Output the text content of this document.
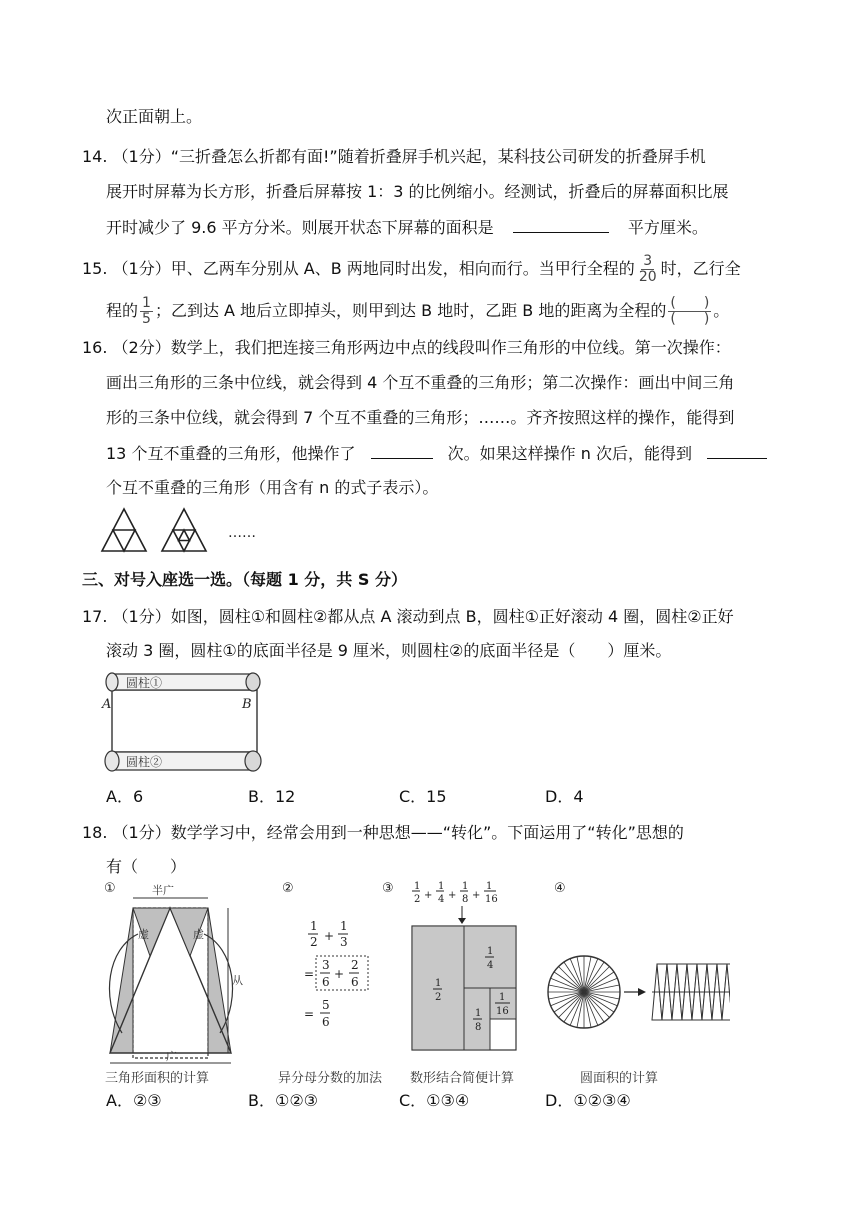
次正面朝上。
14. （1分）“三折叠怎么折都有面!”随着折叠屏手机兴起，某科技公司研发的折叠屏手机
展开时屏幕为长方形，折叠后屏幕按 1：3 的比例缩小。经测试，折叠后的屏幕面积比展
开时减少了 9.6 平方分米。则展开状态下屏幕的面积是	平方厘米。
15. （1分）甲、乙两车分别从 A、B 两地同时出发，相向而行。当甲行全程的 $\frac{3}{20}$ 时，乙行全
程的 $\frac{1}{5}$ ；乙到达 A 地后立即掉头，则甲到达 B 地时，乙距 B 地的距离为全程的 $\frac{( )}{( )}$ 。
16. （2分）数学上，我们把连接三角形两边中点的线段叫作三角形的中位线。第一次操作：
画出三角形的三条中位线，就会得到 4 个互不重叠的三角形；第二次操作：画出中间三角
形的三条中位线，就会得到 7 个互不重叠的三角形；……。齐齐按照这样的操作，能得到
13 个互不重叠的三角形，他操作了	次。如果这样操作 n 次后，能得到
个互不重叠的三角形（用含有 n 的式子表示）。
……
三、对号入座选一选。（每题 1 分，共 S 分）
17. （1分）如图，圆柱①和圆柱②都从点 A 滚动到点 B，圆柱①正好滚动 4 圈，圆柱②正好
滚动 3 圈，圆柱①的底面半径是 9 厘米，则圆柱②的底面半径是（　　）厘米。
圆柱①
圆柱②
A	B
A．6	B．12	C．15	D．4
18. （1分）数学学习中，经常会用到一种思想——“转化”。下面运用了“转化”思想的
有（　　）
①
虚	虚
半广
从
广
三角形面积的计算
②
1
2 +
1
3
=
3
6
+
2
6
=
5
6
异分母分数的加法
③ 1
2 +
1
4 +
1
8 +
1
16
1
2
1
4
1
8
1
16
数形结合简便计算
④
圆面积的计算
A．②③	B．①②③	C．①③④	D．①②③④
